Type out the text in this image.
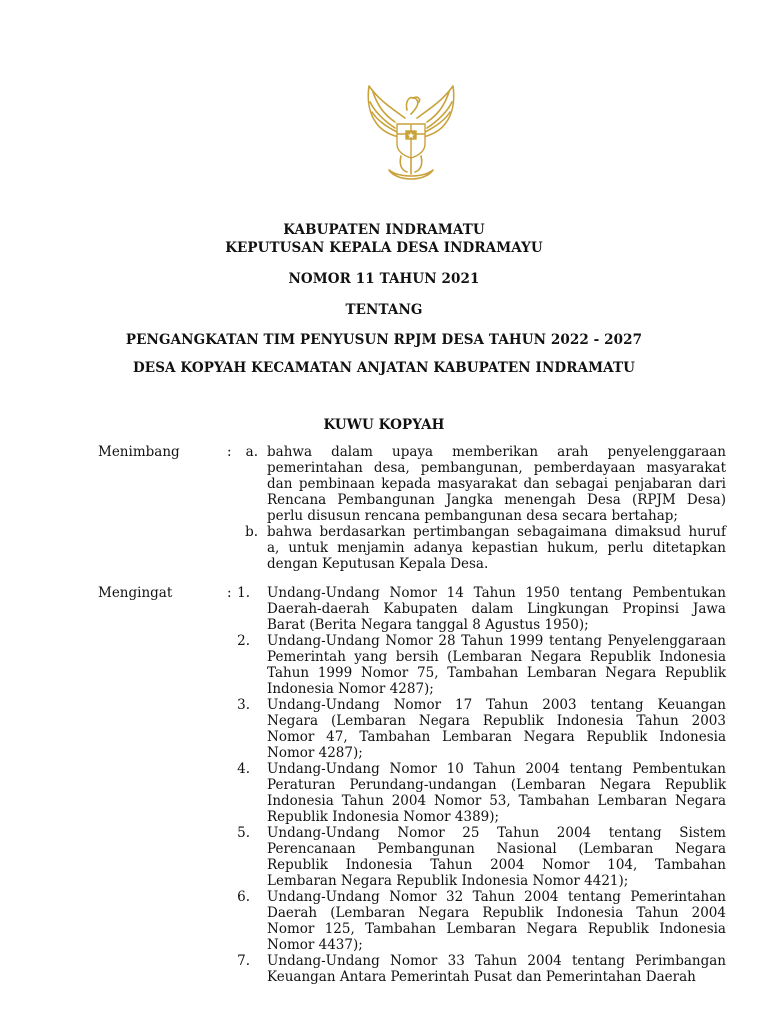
KABUPATEN INDRAMATU
KEPUTUSAN KEPALA DESA INDRAMAYU
NOMOR 11 TAHUN 2021
TENTANG
PENGANGKATAN TIM PENYUSUN RPJM DESA TAHUN 2022 - 2027
DESA KOPYAH KECAMATAN ANJATAN KABUPATEN INDRAMATU
KUWU KOPYAH
Menimbang	:	a. bahwa dalam upaya memberikan arah penyelenggaraan
pemerintahan desa, pembangunan, pemberdayaan masyarakat
dan pembinaan kepada masyarakat dan sebagai penjabaran dari
Rencana Pembangunan Jangka menengah Desa (RPJM Desa)
perlu disusun rencana pembangunan desa secara bertahap;
b. bahwa berdasarkan pertimbangan sebagaimana dimaksud huruf
a, untuk menjamin adanya kepastian hukum, perlu ditetapkan
dengan Keputusan Kepala Desa.
Mengingat	: 1. Undang-Undang Nomor 14 Tahun 1950 tentang Pembentukan
Daerah-daerah Kabupaten dalam Lingkungan Propinsi Jawa
Barat (Berita Negara tanggal 8 Agustus 1950);
2. Undang-Undang Nomor 28 Tahun 1999 tentang Penyelenggaraan
Pemerintah yang bersih (Lembaran Negara Republik Indonesia
Tahun 1999 Nomor 75, Tambahan Lembaran Negara Republik
Indonesia Nomor 4287);
3. Undang-Undang Nomor 17 Tahun 2003 tentang Keuangan
Negara (Lembaran Negara Republik Indonesia Tahun 2003
Nomor 47, Tambahan Lembaran Negara Republik Indonesia
Nomor 4287);
4. Undang-Undang Nomor 10 Tahun 2004 tentang Pembentukan
Peraturan Perundang-undangan (Lembaran Negara Republik
Indonesia Tahun 2004 Nomor 53, Tambahan Lembaran Negara
Republik Indonesia Nomor 4389);
5. Undang-Undang Nomor 25 Tahun 2004 tentang Sistem
Perencanaan Pembangunan Nasional (Lembaran Negara
Republik Indonesia Tahun 2004 Nomor 104, Tambahan
Lembaran Negara Republik Indonesia Nomor 4421);
6. Undang-Undang Nomor 32 Tahun 2004 tentang Pemerintahan
Daerah (Lembaran Negara Republik Indonesia Tahun 2004
Nomor 125, Tambahan Lembaran Negara Republik Indonesia
Nomor 4437);
7. Undang-Undang Nomor 33 Tahun 2004 tentang Perimbangan
Keuangan Antara Pemerintah Pusat dan Pemerintahan Daerah
